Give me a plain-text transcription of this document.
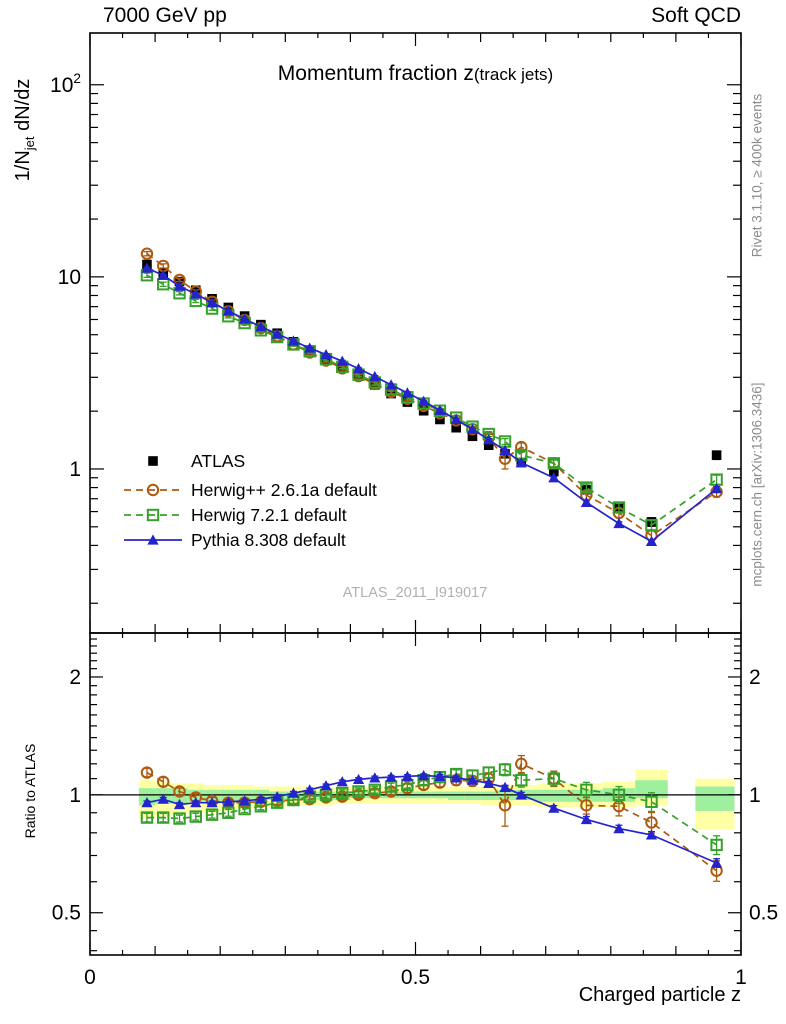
1
10
$10^2$
0.5	0.5
1	1
2	2
0	0.5	1
ATLAS
Herwig++ 2.6.1a default
Herwig 7.2.1 default
Pythia 8.308 default
7000 GeV pp	Soft QCD
Momentum fraction z(track jets)
$1/N_{jet}$ dN/dz
Ratio to ATLAS
Rivet 3.1.10, ≥ 400k events
mcplots.cern.ch [arXiv:1306.3436]
ATLAS_2011_I919017
Charged particle z
